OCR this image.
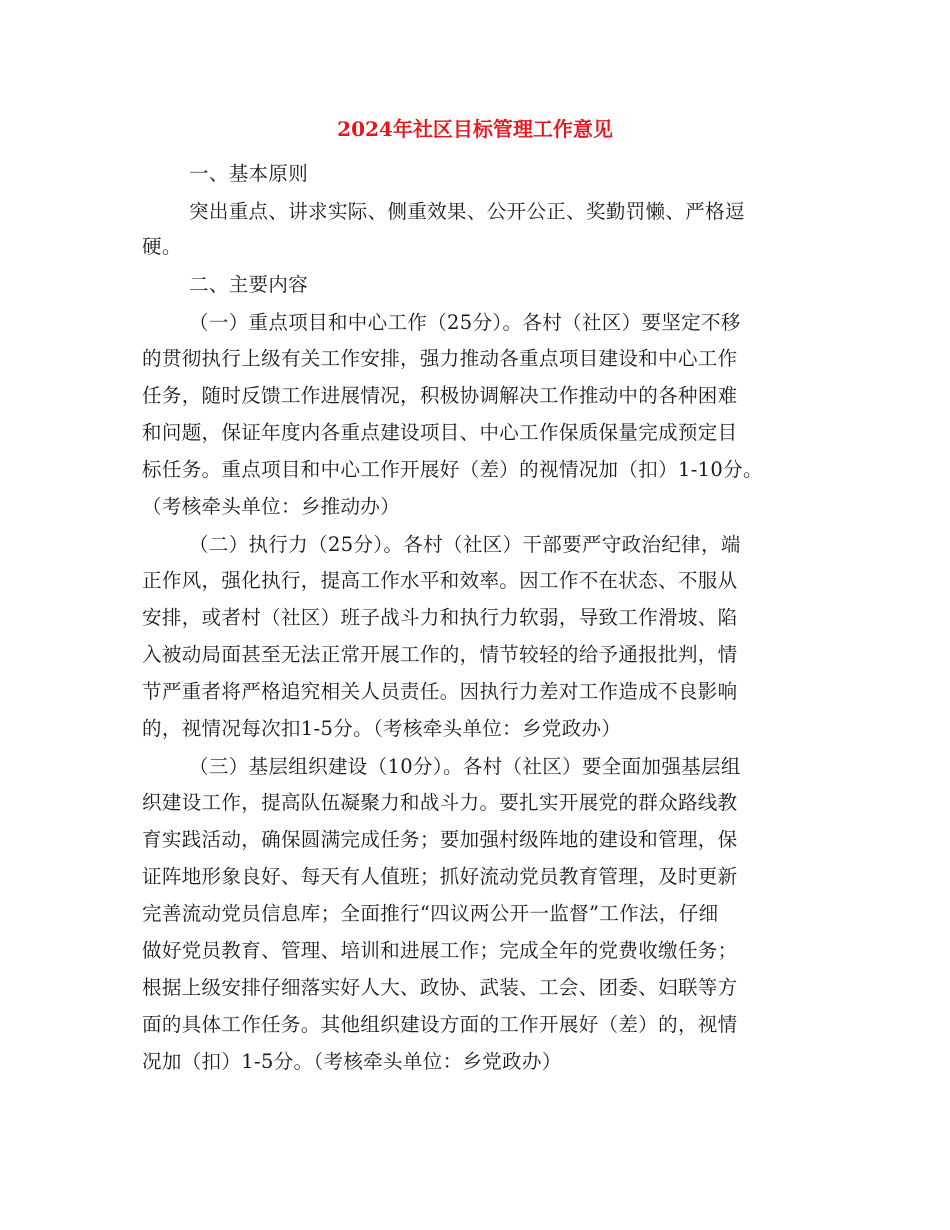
2024年社区目标管理工作意见

一、基本原则

突出重点、讲求实际、侧重效果、公开公正、奖勤罚懒、严格逗

硬。

二、主要内容

（一）重点项目和中心工作（25分）。各村（社区）要坚定不移

的贯彻执行上级有关工作安排，强力推动各重点项目建设和中心工作

任务，随时反馈工作进展情况，积极协调解决工作推动中的各种困难

和问题，保证年度内各重点建设项目、中心工作保质保量完成预定目

标任务。重点项目和中心工作开展好（差）的视情况加（扣）1-10分。

（考核牵头单位：乡推动办）

（二）执行力（25分）。各村（社区）干部要严守政治纪律，端

正作风，强化执行，提高工作水平和效率。因工作不在状态、不服从

安排，或者村（社区）班子战斗力和执行力软弱，导致工作滑坡、陷

入被动局面甚至无法正常开展工作的，情节较轻的给予通报批判，情

节严重者将严格追究相关人员责任。因执行力差对工作造成不良影响

的，视情况每次扣1-5分。（考核牵头单位：乡党政办）

（三）基层组织建设（10分）。各村（社区）要全面加强基层组

织建设工作，提高队伍凝聚力和战斗力。要扎实开展党的群众路线教

育实践活动，确保圆满完成任务；要加强村级阵地的建设和管理，保

证阵地形象良好、每天有人值班；抓好流动党员教育管理，及时更新

完善流动党员信息库；全面推行“四议两公开一监督”工作法，仔细

做好党员教育、管理、培训和进展工作；完成全年的党费收缴任务；

根据上级安排仔细落实好人大、政协、武装、工会、团委、妇联等方

面的具体工作任务。其他组织建设方面的工作开展好（差）的，视情

况加（扣）1-5分。（考核牵头单位：乡党政办）
